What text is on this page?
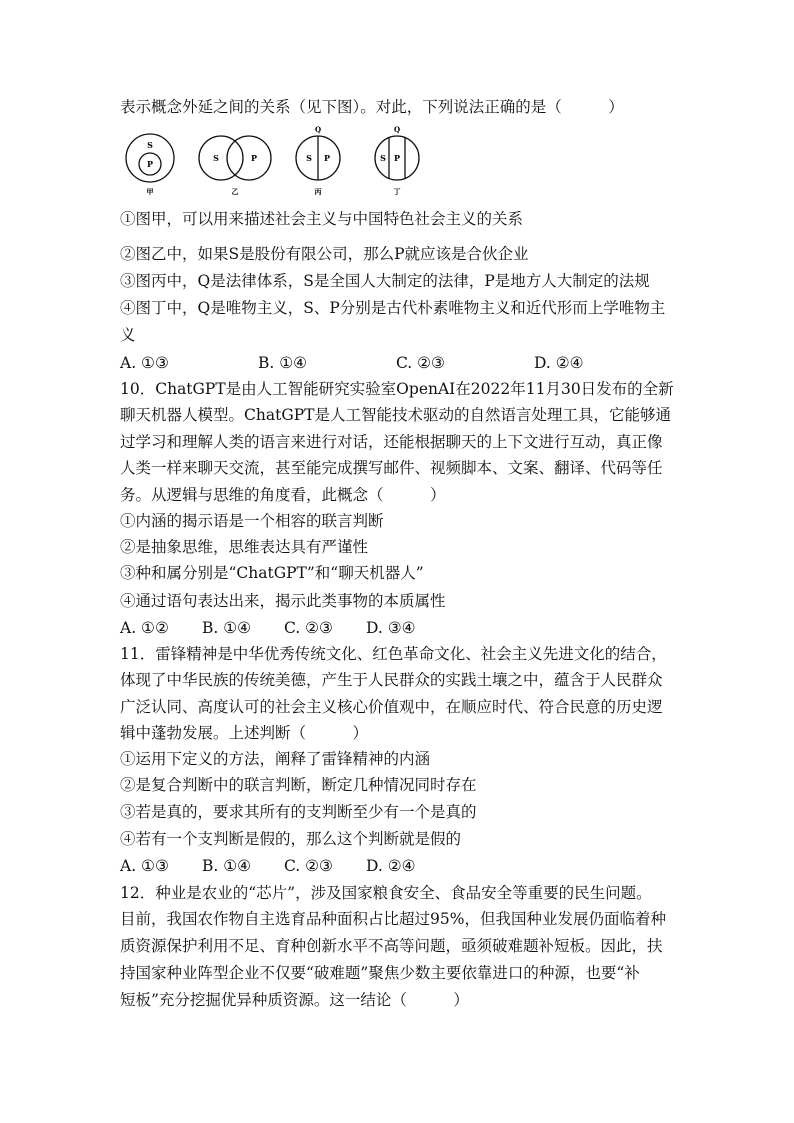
表示概念外延之间的关系（见下图）。对此，下列说法正确的是（　　　）
S
P
甲
S	P
乙
Q
S P
丙
Q
S P
丁
①图甲，可以用来描述社会主义与中国特色社会主义的关系
②图乙中，如果S是股份有限公司，那么P就应该是合伙企业
③图丙中，Q是法律体系，S是全国人大制定的法律，P是地方人大制定的法规
④图丁中，Q是唯物主义，S、P分别是古代朴素唯物主义和近代形而上学唯物主
义
A. ①③	B. ①④	C. ②③	D. ②④
10．ChatGPT是由人工智能研究实验室OpenAI在2022年11月30日发布的全新
聊天机器人模型。ChatGPT是人工智能技术驱动的自然语言处理工具，它能够通
过学习和理解人类的语言来进行对话，还能根据聊天的上下文进行互动，真正像
人类一样来聊天交流，甚至能完成撰写邮件、视频脚本、文案、翻译、代码等任
务。从逻辑与思维的角度看，此概念（　　　）
①内涵的揭示语是一个相容的联言判断
②是抽象思维，思维表达具有严谨性
③种和属分别是“ChatGPT”和“聊天机器人”
④通过语句表达出来，揭示此类事物的本质属性
A. ①② B. ①④ C. ②③ D. ③④
11．雷锋精神是中华优秀传统文化、红色革命文化、社会主义先进文化的结合，
体现了中华民族的传统美德，产生于人民群众的实践土壤之中，蕴含于人民群众
广泛认同、高度认可的社会主义核心价值观中，在顺应时代、符合民意的历史逻
辑中蓬勃发展。上述判断（　　　）
①运用下定义的方法，阐释了雷锋精神的内涵
②是复合判断中的联言判断，断定几种情况同时存在
③若是真的，要求其所有的支判断至少有一个是真的
④若有一个支判断是假的，那么这个判断就是假的
A. ①③ B. ①④ C. ②③ D. ②④
12．种业是农业的“芯片”，涉及国家粮食安全、食品安全等重要的民生问题。
目前，我国农作物自主选育品种面积占比超过95%，但我国种业发展仍面临着种
质资源保护利用不足、育种创新水平不高等问题，亟须破难题补短板。因此，扶
持国家种业阵型企业不仅要“破难题”聚焦少数主要依靠进口的种源，也要“补
短板”充分挖掘优异种质资源。这一结论（　　　）
